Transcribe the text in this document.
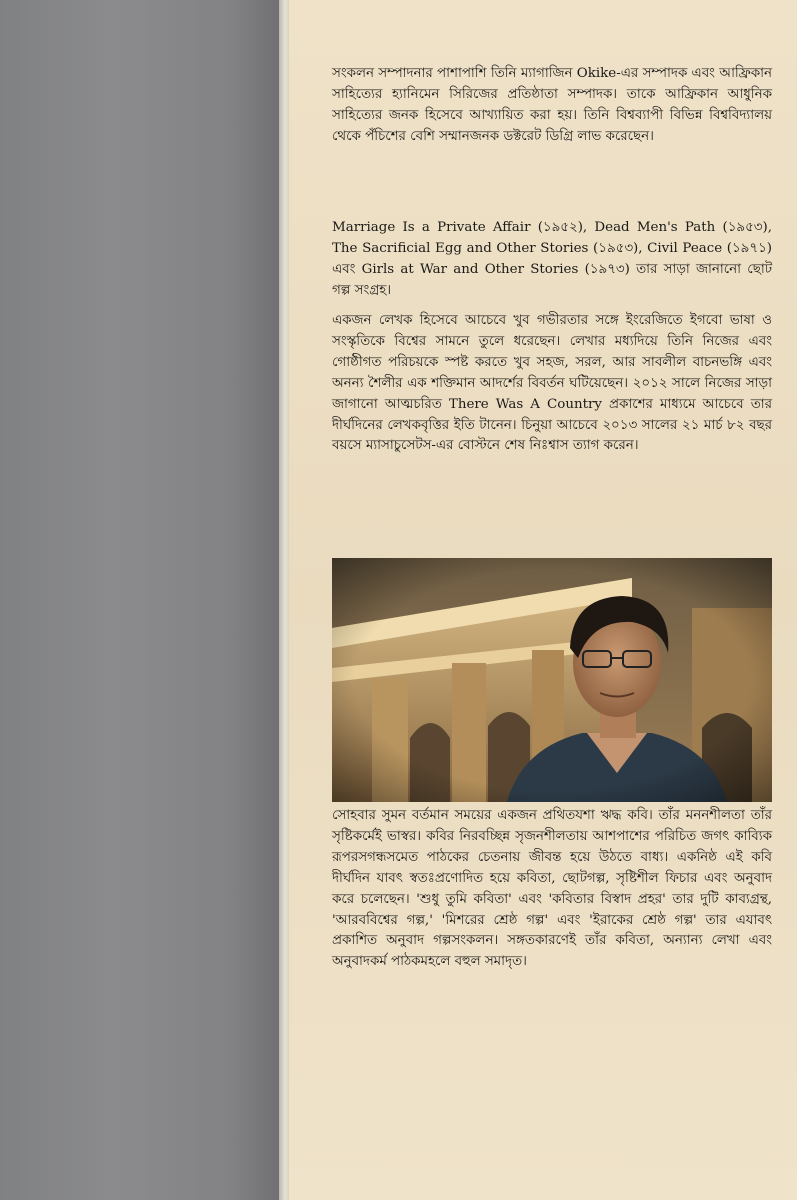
সংকলন সম্পাদনার পাশাপাশি তিনি ম্যাগাজিন Okike-এর সম্পাদক এবং আফ্রিকান সাহিত্যের হ্যানিমেন সিরিজের প্রতিষ্ঠাতা সম্পাদক। তাকে আফ্রিকান আধুনিক সাহিত্যের জনক হিসেবে আখ্যায়িত করা হয়। তিনি বিশ্বব্যাপী বিভিন্ন বিশ্ববিদ্যালয় থেকে পঁচিশের বেশি সম্মানজনক ডক্টরেট ডিগ্রি লাভ করেছেন।

Marriage Is a Private Affair (১৯৫২), Dead Men's Path (১৯৫৩), The Sacrificial Egg and Other Stories (১৯৫৩), Civil Peace (১৯৭১) এবং Girls at War and Other Stories (১৯৭৩) তার সাড়া জানানো ছোট গল্প সংগ্রহ।

একজন লেখক হিসেবে আচেবে খুব গভীরতার সঙ্গে ইংরেজিতে ইগবো ভাষা ও সংস্কৃতিকে বিশ্বের সামনে তুলে ধরেছেন। লেখার মধ্যদিয়ে তিনি নিজের এবং গোষ্ঠীগত পরিচয়কে স্পষ্ট করতে খুব সহজ, সরল, আর সাবলীল বাচনভঙ্গি এবং অনন্য শৈলীর এক শক্তিমান আদর্শের বিবর্তন ঘটিয়েছেন। ২০১২ সালে নিজের সাড়া জাগানো আত্মচরিত There Was A Country প্রকাশের মাধ্যমে আচেবে তার দীর্ঘদিনের লেখকবৃত্তির ইতি টানেন। চিনুয়া আচেবে ২০১৩ সালের ২১ মার্চ ৮২ বছর বয়সে ম্যাসাচুসেটস-এর বোস্টনে শেষ নিঃশ্বাস ত্যাগ করেন।

সোহবার সুমন বর্তমান সময়ের একজন প্রথিতযশা ঋদ্ধ কবি। তাঁর মননশীলতা তাঁর সৃষ্টিকর্মেই ভাস্বর। কবির নিরবচ্ছিন্ন সৃজনশীলতায় আশপাশের পরিচিত জগৎ কাব্যিক রূপরসগন্ধসমেত পাঠকের চেতনায় জীবন্ত হয়ে উঠতে বাধ্য। একনিষ্ঠ এই কবি দীর্ঘদিন যাবৎ স্বতঃপ্রণোদিত হয়ে কবিতা, ছোটগল্প, সৃষ্টিশীল ফিচার এবং অনুবাদ করে চলেছেন। 'শুধু তুমি কবিতা' এবং 'কবিতার বিস্বাদ প্রহর' তার দুটি কাব্যগ্রন্থ, 'আরববিশ্বের গল্প,' 'মিশরের শ্রেষ্ঠ গল্প' এবং 'ইরাকের শ্রেষ্ঠ গল্প' তার এযাবৎ প্রকাশিত অনুবাদ গল্পসংকলন। সঙ্গতকারণেই তাঁর কবিতা, অন্যান্য লেখা এবং অনুবাদকর্ম পাঠকমহলে বহুল সমাদৃত।
